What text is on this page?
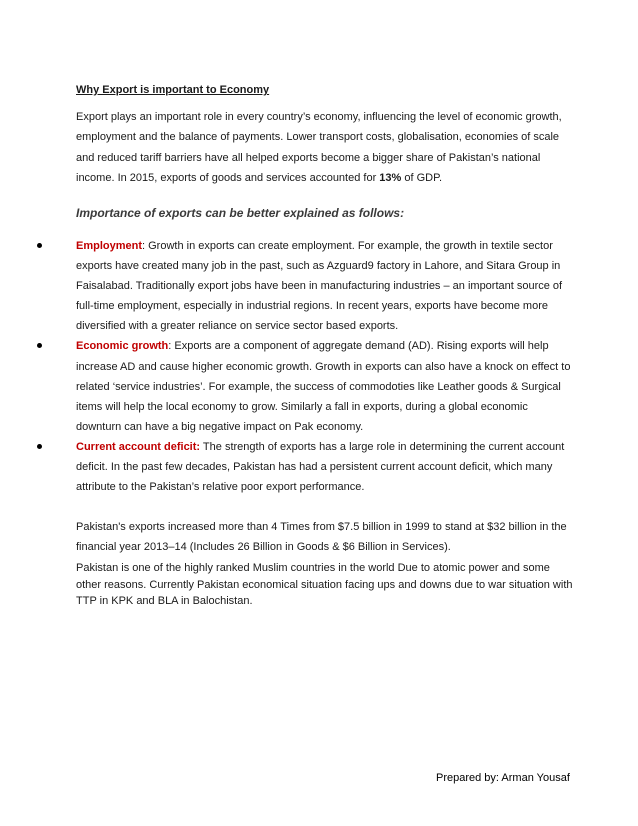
Why Export is important to Economy

Export plays an important role in every country’s economy, influencing the level of economic growth, employment and the balance of payments. Lower transport costs, globalisation, economies of scale and reduced tariff barriers have all helped exports become a bigger share of Pakistan’s national income. In 2015, exports of goods and services accounted for 13% of GDP.

Importance of exports can be better explained as follows:
Employment: Growth in exports can create employment. For example, the growth in textile sector exports have created many job in the past, such as Azguard9 factory in Lahore, and Sitara Group in Faisalabad. Traditionally export jobs have been in manufacturing industries – an important source of full-time employment, especially in industrial regions. In recent years, exports have become more diversified with a greater reliance on service sector based exports.
Economic growth: Exports are a component of aggregate demand (AD). Rising exports will help increase AD and cause higher economic growth. Growth in exports can also have a knock on effect to related ‘service industries’. For example, the success of commodoties like Leather goods & Surgical items will help the local economy to grow. Similarly a fall in exports, during a global economic downturn can have a big negative impact on Pak economy.
Current account deficit: The strength of exports has a large role in determining the current account deficit. In the past few decades, Pakistan has had a persistent current account deficit, which many attribute to the Pakistan’s relative poor export performance.

Pakistan's exports increased more than 4 Times from $7.5 billion in 1999 to stand at $32 billion in the financial year 2013–14 (Includes 26 Billion in Goods & $6 Billion in Services).

Pakistan is one of the highly ranked Muslim countries in the world Due to atomic power and some other reasons. Currently Pakistan economical situation facing ups and downs due to war situation with TTP in KPK and BLA in Balochistan.

Prepared by: Arman Yousaf
